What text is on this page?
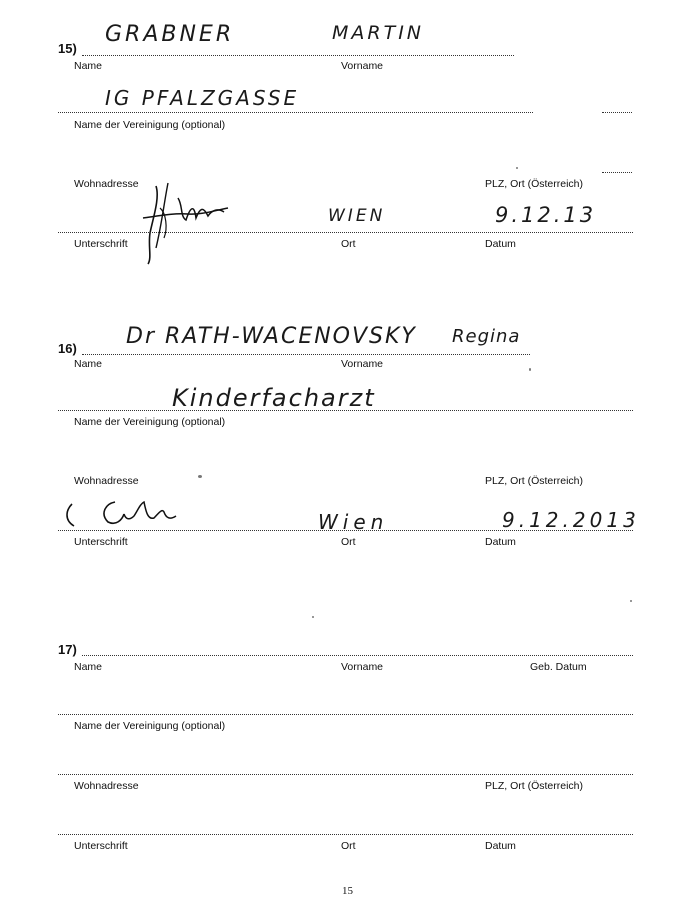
15)
GRABNER	MARTIN
Name	Vorname
IG PFALZGASSE
Name der Vereinigung (optional)
Wohnadresse	PLZ, Ort (Österreich)
WIEN	9.12.13
Unterschrift	Ort	Datum
16) Dr RATH-WACENOVSKY Regina
Name	Vorname
Kinderfacharzt
Name der Vereinigung (optional)
Wohnadresse	PLZ, Ort (Österreich)
Wien	9.12.2013
Unterschrift	Ort	Datum
17)
Name	Vorname	Geb. Datum
Name der Vereinigung (optional)
Wohnadresse	PLZ, Ort (Österreich)
Unterschrift	Ort	Datum
15
